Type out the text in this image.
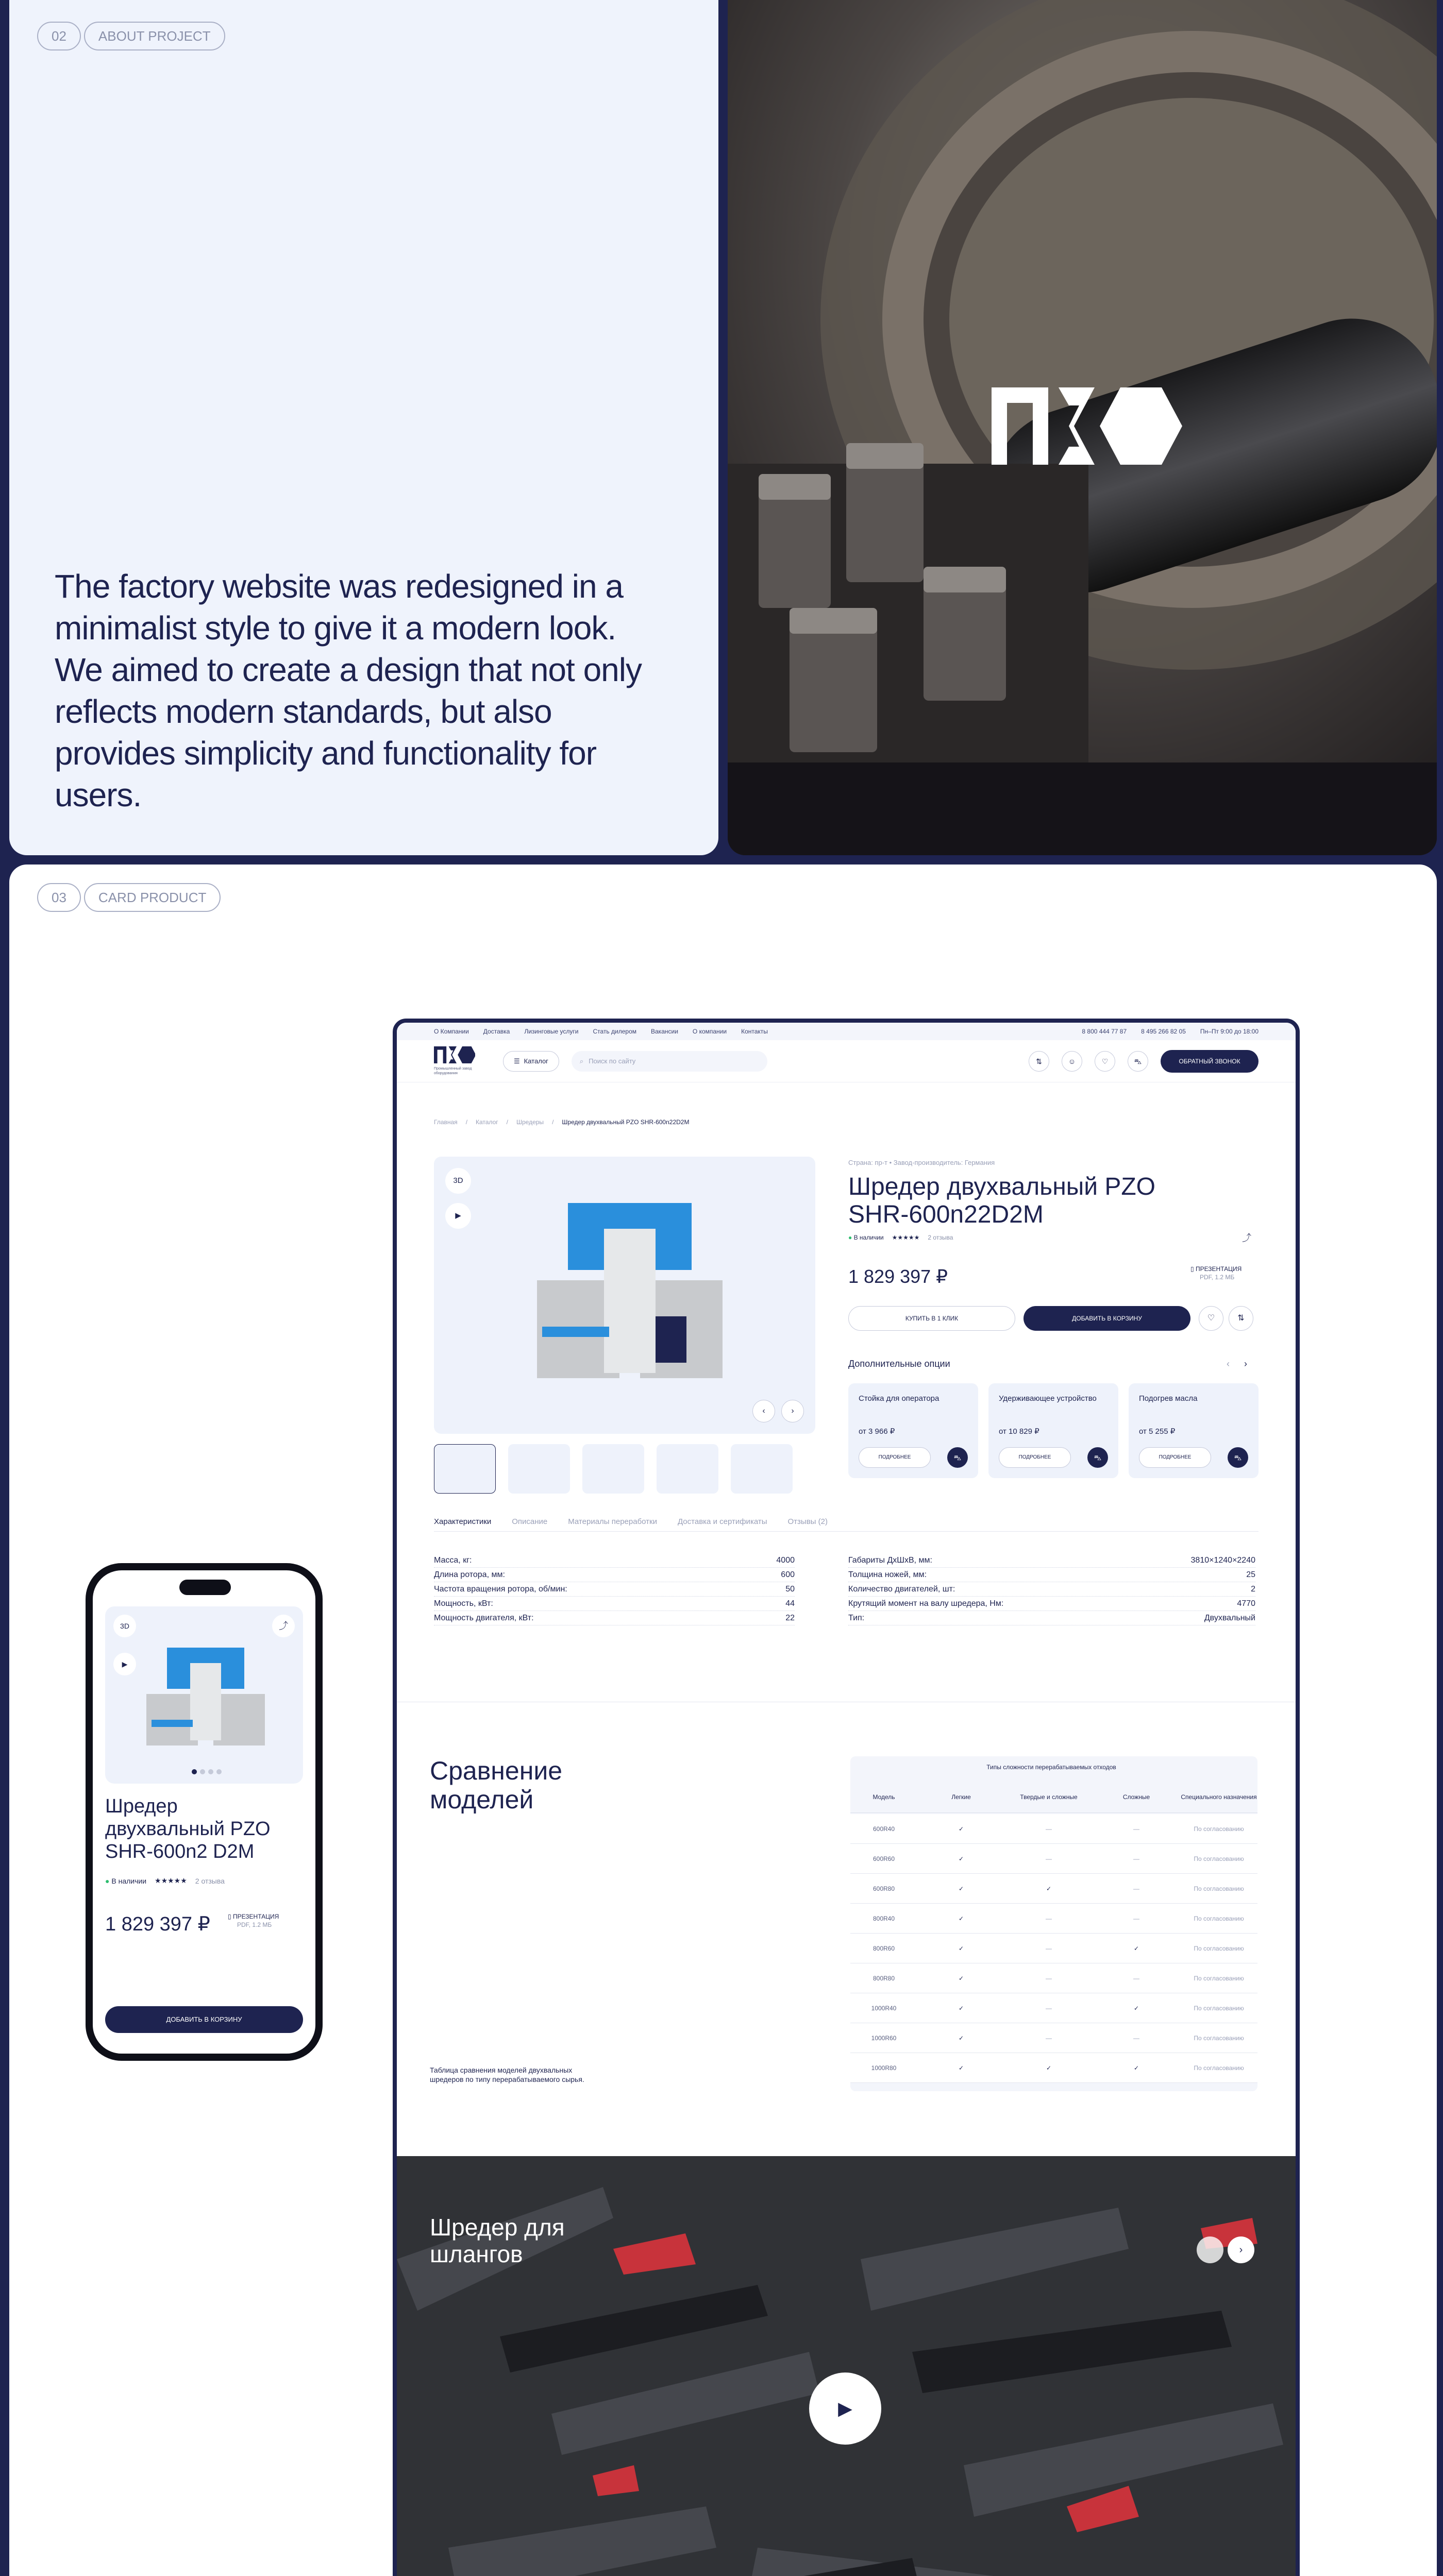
02	ABOUT PROJECT
The factory website was redesigned in a minimalist style to give it a modern look. We aimed to create a design that not only reflects modern standards, but also provides simplicity and functionality for users.
03	CARD PRODUCT
3D	⤴
▶
Шредер двухвальный PZO SHR-600n2 D2M
● В наличии ★★★★★ 2 отзыва
1 829 397 ₽	▯ ПРЕЗЕНТАЦИЯ
PDF, 1.2 МБ
ДОБАВИТЬ В КОРЗИНУ
О Компании Доставка Лизинговые услуги Стать дилером Вакансии О компании Контакты	8 800 444 77 87 8 495 266 82 05 Пн–Пт 9:00 до 18:00
Промышленный завод оборудования
☰ Каталог	⌕ Поиск по сайту	⇅	☺	♡	⛍	ОБРАТНЫЙ ЗВОНОК
Главная / Каталог / Шредеры / Шредер двухвальный PZO SHR-600n22D2M
3D
▶
‹	›
Страна: пр-т • Завод-производитель: Германия
Шредер двухвальный PZO SHR-600n22D2M
● В наличии ★★★★★ 2 отзыва	⤴
1 829 397 ₽	▯ ПРЕЗЕНТАЦИЯ
PDF, 1.2 МБ
КУПИТЬ В 1 КЛИК	ДОБАВИТЬ В КОРЗИНУ	♡	⇅
Дополнительные опции	‹ ›
Стойка для оператора
от 3 966 ₽
ПОДРОБНЕЕ	⛍
Удерживающее устройство
от 10 829 ₽
ПОДРОБНЕЕ	⛍
Подогрев масла
от 5 255 ₽
ПОДРОБНЕЕ	⛍
Характеристики	Описание	Материалы переработки	Доставка и сертификаты	Отзывы (2)
Масса, кг:	4000
Длина ротора, мм:	600
Частота вращения ротора, об/мин:	50
Мощность, кВт:	44
Мощность двигателя, кВт:	22
Габариты ДхШхВ, мм:	3810×1240×2240
Толщина ножей, мм:	25
Количество двигателей, шт:	2
Крутящий момент на валу шредера, Нм:	4770
Тип:	Двухвальный
Сравнение моделей
Таблица сравнения моделей двухвальных шредеров по типу перерабатываемого сырья.
Типы сложности перерабатываемых отходов
Модель	Легкие	Твердые и сложные	Сложные	Специального назначения
600R40	✓	—	—	По согласованию
600R60	✓	—	—	По согласованию
600R80	✓	✓	—	По согласованию
800R40	✓	—	—	По согласованию
800R60	✓	—	✓	По согласованию
800R80	✓	—	—	По согласованию
1000R40	✓	—	✓	По согласованию
1000R60	✓	—	—	По согласованию
1000R80	✓	✓	✓	По согласованию
Шредер для шлангов	›
▶
